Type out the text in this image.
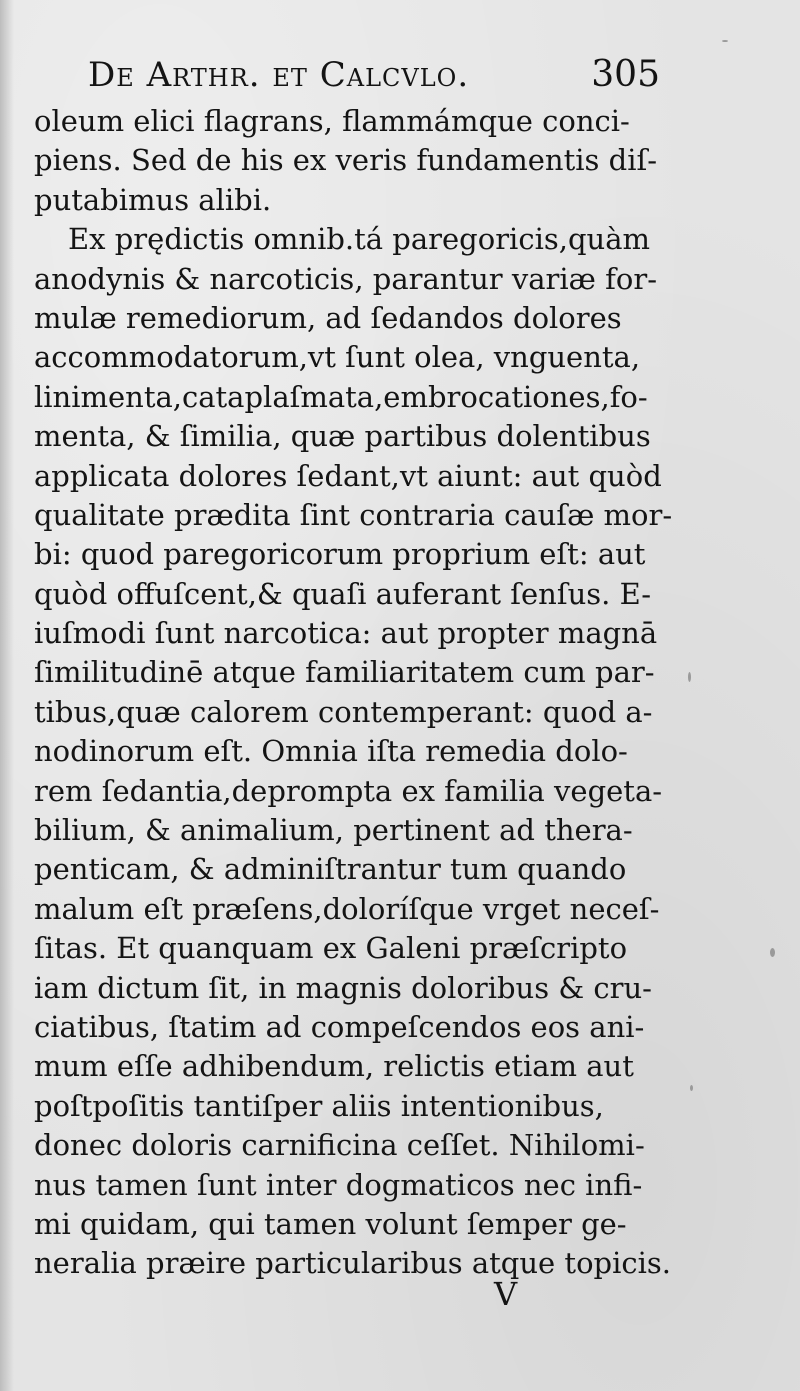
De Arthr. et Calcvlo.	305
oleum elici flagrans, flammámque conci-
piens. Sed de his ex veris fundamentis diſ-
putabimus alibi.
Ex prędictis omnib.tá paregoricis,quàm
anodynis & narcoticis, parantur variæ for-
mulæ remediorum, ad ſedandos dolores
accommodatorum,vt ſunt olea, vnguenta,
linimenta,cataplaſmata,embrocationes,fo-
menta, & ſimilia, quæ partibus dolentibus
applicata dolores ſedant,vt aiunt: aut quòd
qualitate prædita ſint contraria cauſæ mor-
bi: quod paregoricorum proprium eſt: aut
quòd offuſcent,& quaſi auferant ſenſus. E-
iuſmodi ſunt narcotica: aut propter magnā
ſimilitudinē atque familiaritatem cum par-
tibus,quæ calorem contemperant: quod a-
nodinorum eſt. Omnia iſta remedia dolo-
rem ſedantia,deprompta ex familia vegeta-
bilium, & animalium, pertinent ad thera-
penticam, & adminiſtrantur tum quando
malum eſt præſens,doloríſque vrget neceſ-
ſitas. Et quanquam ex Galeni præſcripto
iam dictum ſit, in magnis doloribus & cru-
ciatibus, ſtatim ad compeſcendos eos ani-
mum eſſe adhibendum, relictis etiam aut
poſtpoſitis tantiſper aliis intentionibus,
donec doloris carnificina ceſſet. Nihilomi-
nus tamen ſunt inter dogmaticos nec infi-
mi quidam, qui tamen volunt ſemper ge-
neralia præire particularibus atque topicis.
V
